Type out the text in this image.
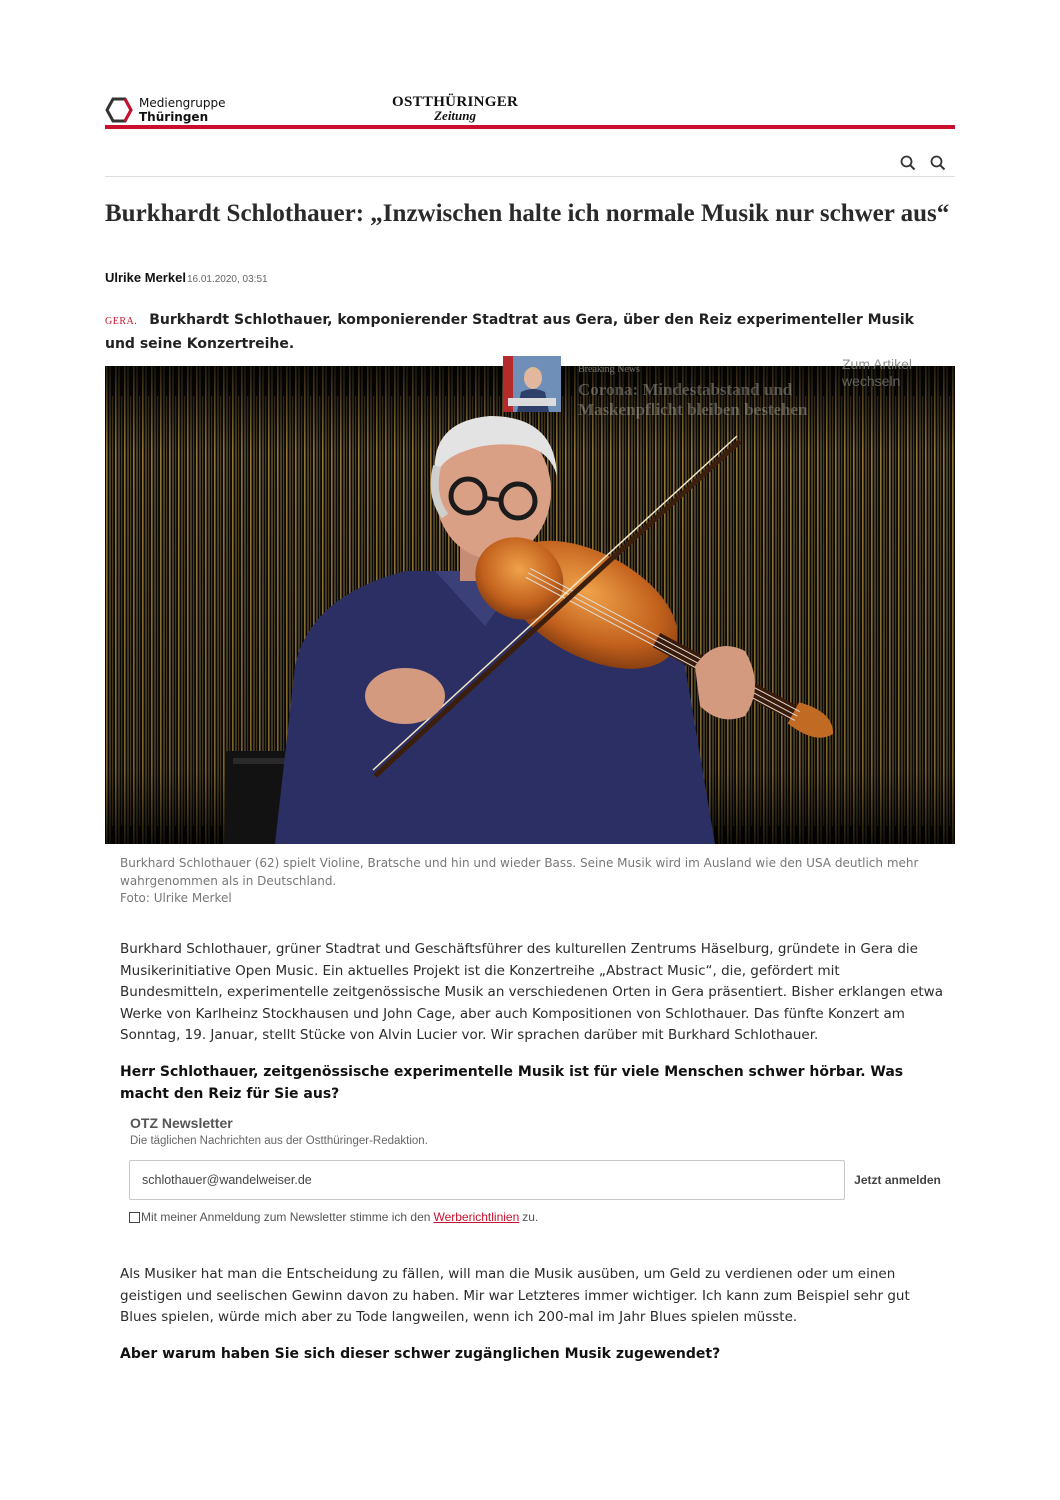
Mediengruppe
Thüringen
OSTTHÜRINGER
Zeitung
Burkhardt Schlothauer: „Inzwischen halte ich normale Musik nur schwer aus“
Ulrike Merkel16.01.2020, 03:51

GERA. Burkhardt Schlothauer, komponierender Stadtrat aus Gera, über den Reiz experimenteller Musik und seine Konzertreihe.

Breaking News
Corona: Mindestabstand und Maskenpflicht bleiben bestehen
Zum Artikel wechseln

Burkhard Schlothauer (62) spielt Violine, Bratsche und hin und wieder Bass. Seine Musik wird im Ausland wie den USA deutlich mehr wahrgenommen als in Deutschland.
Foto: Ulrike Merkel

Burkhard Schlothauer, grüner Stadtrat und Geschäftsführer des kulturellen Zentrums Häselburg, gründete in Gera die Musikerinitiative Open Music. Ein aktuelles Projekt ist die Konzertreihe „Abstract Music“, die, gefördert mit Bundesmitteln, experimentelle zeitgenössische Musik an verschiedenen Orten in Gera präsentiert. Bisher erklangen etwa Werke von Karlheinz Stockhausen und John Cage, aber auch Kompositionen von Schlothauer. Das fünfte Konzert am Sonntag, 19. Januar, stellt Stücke von Alvin Lucier vor. Wir sprachen darüber mit Burkhard Schlothauer.

Herr Schlothauer, zeitgenössische experimentelle Musik ist für viele Menschen schwer hörbar. Was macht den Reiz für Sie aus?

OTZ Newsletter
Die täglichen Nachrichten aus der Ostthüringer-Redaktion.
schlothauer@wandelweiser.de
Jetzt anmelden
Mit meiner Anmeldung zum Newsletter stimme ich den Werberichtlinien zu.

Als Musiker hat man die Entscheidung zu fällen, will man die Musik ausüben, um Geld zu verdienen oder um einen geistigen und seelischen Gewinn davon zu haben. Mir war Letzteres immer wichtiger. Ich kann zum Beispiel sehr gut Blues spielen, würde mich aber zu Tode langweilen, wenn ich 200-mal im Jahr Blues spielen müsste.

Aber warum haben Sie sich dieser schwer zugänglichen Musik zugewendet?
